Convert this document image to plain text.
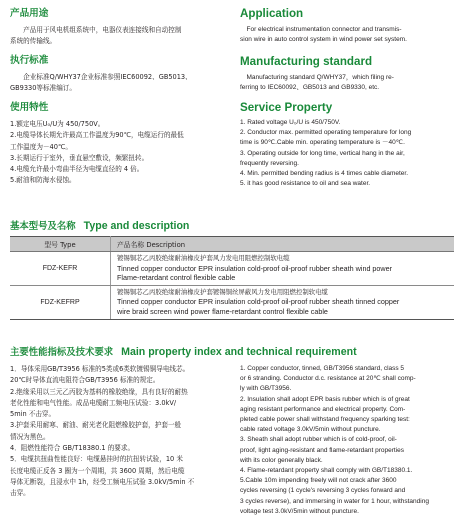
产品用途
　　产品用于风电机组系统中，电器仪表连接线和自动控制
系统的传输线。
执行标准
　　企业标准Q/WHY37企业标准参照IEC60092、GB5013、
GB9330等标准编订。
使用特性
1.额定电压U₀/U为 450/750V。
2.电缆导体长期允许最高工作温度为90℃，电缆运行的最低
工作温度为－40℃。
3.长期运行于室外，垂直悬空敷设，频繁扭转。
4.电缆允许最小弯曲半径为电缆直径的 4 倍。
5.耐油和防海水侵蚀。
Application
　For electrical instrumentation connector and transmis-
sion wire in auto control system in wind power set system.
Manufacturing standard
　Manufacturing standard Q/WHY37，which filing re-
ferring to IEC60092、GB5013 and GB9330, etc.
Service Property
1. Rated voltage U₀/U is 450/750V.
2. Conductor max. permitted operating temperature for long
time is 90℃.Cable min. operating temperature is －40℃.
3. Operating outside for long time, vertical hang in the air,
frequently reversing.
4. Min. permitted bending radius is 4 times cable diameter.
5. it has good resistance to oil and sea water.
基本型号及名称 Type and description
型号 Type	产品名称 Description
FDZ-KEFR	镀锡铜芯乙丙胶绝缘耐油橡皮护套风力发电用阻燃控制软电缆
Tinned copper conductor EPR insulation cold-proof oil-proof rubber sheath wind power
Flame-retardant control flexible cable

FDZ-KEFRP	镀锡铜芯乙丙胶绝缘耐油橡皮护套镀锡铜丝屏蔽风力发电用阻燃控制软电缆
Tinned copper conductor EPR insulation cold-proof oil-proof rubber sheath tinned copper
wire braid screen wind power flame-retardant control flexible cable
主要性能指标及技术要求 Main property index and technical requirement
1．导体采用GB/T3956 标准的5类或6类软镀锡铜导电线芯。
20℃时导体直流电阻符合GB/T3956 标准的规定。
2.绝缘采用以三元乙丙胶为基料的橡胶绝缘，具有良好的耐热
老化性能和电气性能。成品电缆耐工频电压试验：3.0kV/
5min 不击穿。
3.护套采用耐寒、耐油、耐光老化阻燃橡胶护套，护套一般
情况为黑色。
4．阻燃性能符合 GB/T18380.1 的要求。
5．电缆抗扭曲性能良好：电缆悬挂时的抗扭转试验，10 米
长度电缆正反各 3 圈为一个周期，共 3600 周期，然后电缆
导体无断裂，且浸水中 1h，经受工频电压试验 3.0kV/5min 不
击穿。
1. Copper conductor, tinned, GB/T3956 standard, class 5
or 6 stranding. Conductor d.c. resistance at 20℃ shall comp-
ly with GB/T3956.
2. Insulation shall adopt EPR basis rubber which is of great
aging resistant performance and electrical property. Com-
pleted cable power shall withstand frequency sparking test:
cable rated voltage 3.0kV/5min without puncture.
3. Sheath shall adopt rubber which is of cold-proof, oil-
proof, light aging-resistant and flame-retardant properties
with its color generally black.
4. Flame-retardant property shall comply with GB/T18380.1.
5.Cable 10m impending freely will not crack after 3600
cycles reversing (1 cycle's reversing 3 cycles forward and
3 cycles reverse), and immersing in water for 1 hour, withstanding
voltage test 3.0kV/5min without puncture.
